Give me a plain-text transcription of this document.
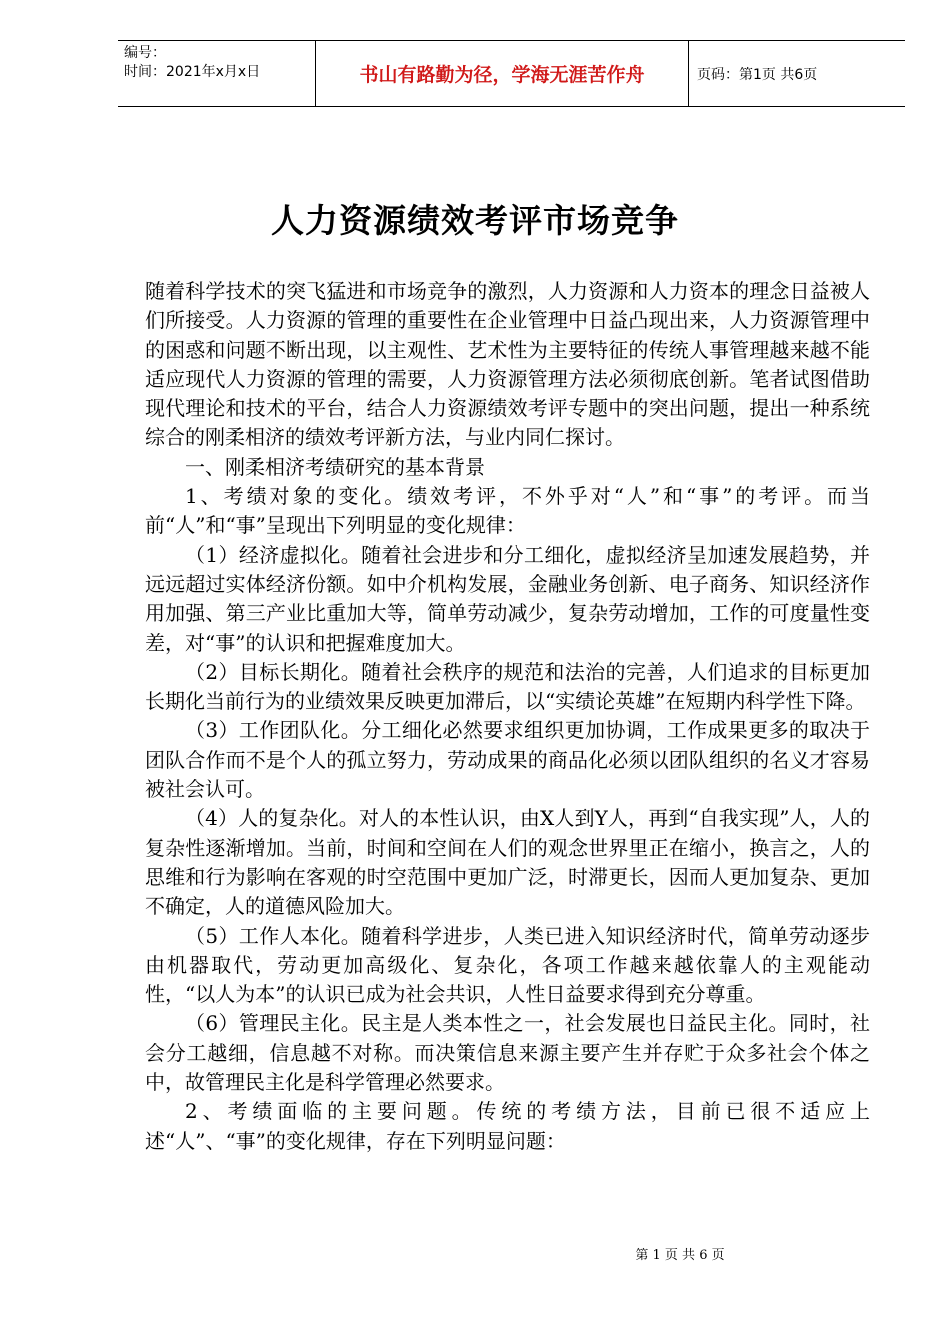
编号：
时间：2021年x月x日	书山有路勤为径，学海无涯苦作舟	页码：第1页 共6页
人力资源绩效考评市场竞争

随着科学技术的突飞猛进和市场竞争的激烈，人力资源和人力资本的理念日益被人们所接受。人力资源的管理的重要性在企业管理中日益凸现出来，人力资源管理中的困惑和问题不断出现，以主观性、艺术性为主要特征的传统人事管理越来越不能适应现代人力资源的管理的需要，人力资源管理方法必须彻底创新。笔者试图借助现代理论和技术的平台，结合人力资源绩效考评专题中的突出问题，提出一种系统综合的刚柔相济的绩效考评新方法，与业内同仁探讨。

一、刚柔相济考绩研究的基本背景

1、考绩对象的变化。绩效考评，不外乎对“人”和“事”的考评。而当前“人”和“事”呈现出下列明显的变化规律：

（1）经济虚拟化。随着社会进步和分工细化，虚拟经济呈加速发展趋势，并远远超过实体经济份额。如中介机构发展，金融业务创新、电子商务、知识经济作用加强、第三产业比重加大等，简单劳动减少，复杂劳动增加，工作的可度量性变差，对“事”的认识和把握难度加大。

（2）目标长期化。随着社会秩序的规范和法治的完善，人们追求的目标更加长期化当前行为的业绩效果反映更加滞后，以“实绩论英雄”在短期内科学性下降。

（3）工作团队化。分工细化必然要求组织更加协调，工作成果更多的取决于团队合作而不是个人的孤立努力，劳动成果的商品化必须以团队组织的名义才容易被社会认可。

（4）人的复杂化。对人的本性认识，由X人到Y人，再到“自我实现”人，人的复杂性逐渐增加。当前，时间和空间在人们的观念世界里正在缩小，换言之，人的思维和行为影响在客观的时空范围中更加广泛，时滞更长，因而人更加复杂、更加不确定，人的道德风险加大。

（5）工作人本化。随着科学进步，人类已进入知识经济时代，简单劳动逐步由机器取代，劳动更加高级化、复杂化，各项工作越来越依靠人的主观能动性，“以人为本”的认识已成为社会共识，人性日益要求得到充分尊重。

（6）管理民主化。民主是人类本性之一，社会发展也日益民主化。同时，社会分工越细，信息越不对称。而决策信息来源主要产生并存贮于众多社会个体之中，故管理民主化是科学管理必然要求。

2、考绩面临的主要问题。传统的考绩方法，目前已很不适应上述“人”、“事”的变化规律，存在下列明显问题：

第 1 页 共 6 页
